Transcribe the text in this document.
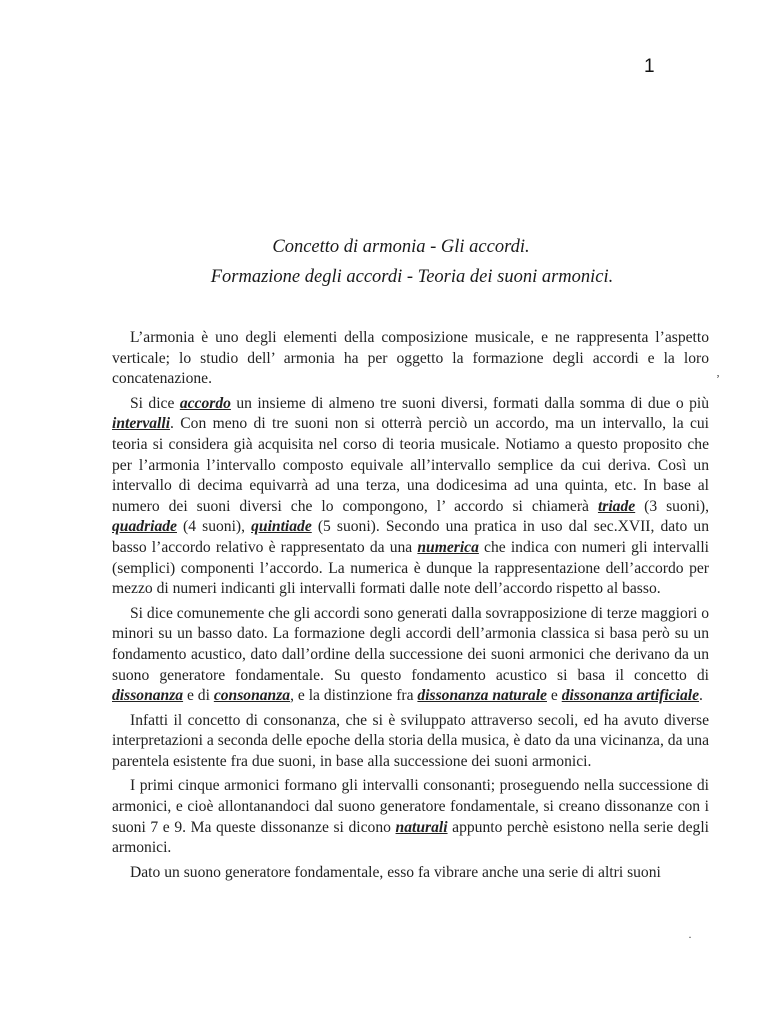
1
Concetto di armonia - Gli accordi.
Formazione degli accordi - Teoria dei suoni armonici.

L’armonia è uno degli elementi della composizione musicale, e ne rappresenta l’aspetto verticale; lo studio dell’ armonia ha per oggetto la formazione degli accordi e la loro concatenazione.

Si dice accordo un insieme di almeno tre suoni diversi, formati dalla somma di due o più intervalli. Con meno di tre suoni non si otterrà perciò un accordo, ma un intervallo, la cui teoria si considera già acquisita nel corso di teoria musicale. Notiamo a questo proposito che per l’armonia l’intervallo composto equivale all’intervallo semplice da cui deriva. Così un intervallo di decima equivarrà ad una terza, una dodicesima ad una quinta, etc. In base al numero dei suoni diversi che lo compongono, l’ accordo si chiamerà triade (3 suoni), quadriade (4 suoni), quintiade (5 suoni). Secondo una pratica in uso dal sec.XVII, dato un basso l’accordo relativo è rappresentato da una numerica che indica con numeri gli intervalli (semplici) componenti l’accordo. La numerica è dunque la rappresentazione dell’accordo per mezzo di numeri indicanti gli intervalli formati dalle note dell’accordo rispetto al basso.

Si dice comunemente che gli accordi sono generati dalla sovrapposizione di terze maggiori o minori su un basso dato. La formazione degli accordi dell’armonia classica si basa però su un fondamento acustico, dato dall’ordine della successione dei suoni armonici che derivano da un suono generatore fondamentale. Su questo fondamento acustico si basa il concetto di dissonanza e di consonanza, e la distinzione fra dissonanza naturale e dissonanza artificiale.

Infatti il concetto di consonanza, che si è sviluppato attraverso secoli, ed ha avuto diverse interpretazioni a seconda delle epoche della storia della musica, è dato da una vicinanza, da una parentela esistente fra due suoni, in base alla successione dei suoni armonici.

I primi cinque armonici formano gli intervalli consonanti; proseguendo nella successione di armonici, e cioè allontanandoci dal suono generatore fondamentale, si creano dissonanze con i suoni 7 e 9. Ma queste dissonanze si dicono naturali appunto perchè esistono nella serie degli armonici.

Dato un suono generatore fondamentale, esso fa vibrare anche una serie di altri suoni

ʼ
·
